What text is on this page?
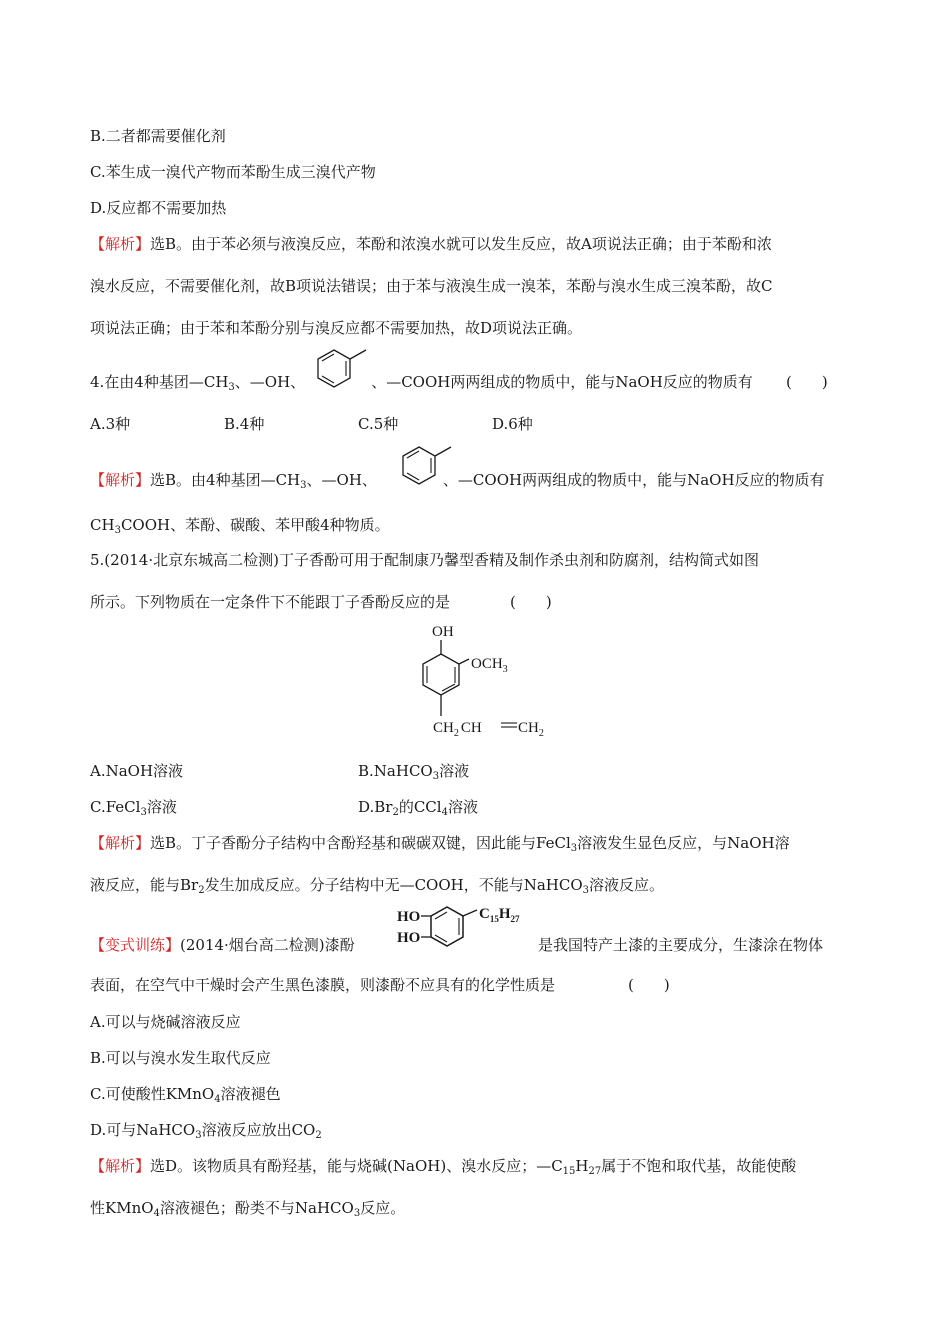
B.二者都需要催化剂
C.苯生成一溴代产物而苯酚生成三溴代产物
D.反应都不需要加热
【解析】选B。由于苯必须与液溴反应，苯酚和浓溴水就可以发生反应，故A项说法正确；由于苯酚和浓
溴水反应，不需要催化剂，故B项说法错误；由于苯与液溴生成一溴苯，苯酚与溴水生成三溴苯酚，故C
项说法正确；由于苯和苯酚分别与溴反应都不需要加热，故D项说法正确。
4.在由4种基团$—CH_3$、—OH、	、—COOH两两组成的物质中，能与NaOH反应的物质有 (　　)
A.3种	B.4种	C.5种	D.6种
【解析】选B。由4种基团$—CH_3$、—OH、	、—COOH两两组成的物质中，能与NaOH反应的物质有
$CH_3COOH$、苯酚、碳酸、苯甲酸4种物质。
5.(2014·北京东城高二检测)丁子香酚可用于配制康乃馨型香精及制作杀虫剂和防腐剂，结构简式如图
所示。下列物质在一定条件下不能跟丁子香酚反应的是	(　　)
OH
$OCH_3$
$CH_2$ CH $CH_2$
A.NaOH溶液	B.NaHCO$_3$溶液
C.FeCl$_3$溶液	$D.Br_2$的CCl$_4$溶液
【解析】选B。丁子香酚分子结构中含酚羟基和碳碳双键，因此能与FeCl$_3$溶液发生显色反应，与NaOH溶
液反应，能与$Br_2$发生加成反应。分子结构中无—COOH，不能与NaHCO$_3$溶液反应。
HO
HO
$C_{15}H_{27}$
【变式训练】(2014·烟台高二检测)漆酚	是我国特产土漆的主要成分，生漆涂在物体
表面，在空气中干燥时会产生黑色漆膜，则漆酚不应具有的化学性质是	(　　)
A.可以与烧碱溶液反应
B.可以与溴水发生取代反应
C.可使酸性KMnO$_4$溶液褪色
D.可与NaHCO$_3$溶液反应放出$CO_2$
【解析】选D。该物质具有酚羟基，能与烧碱(NaOH)、溴水反应；$—C_{15}H_{27}$属于不饱和取代基，故能使酸
性KMnO$_4$溶液褪色；酚类不与NaHCO$_3$反应。
